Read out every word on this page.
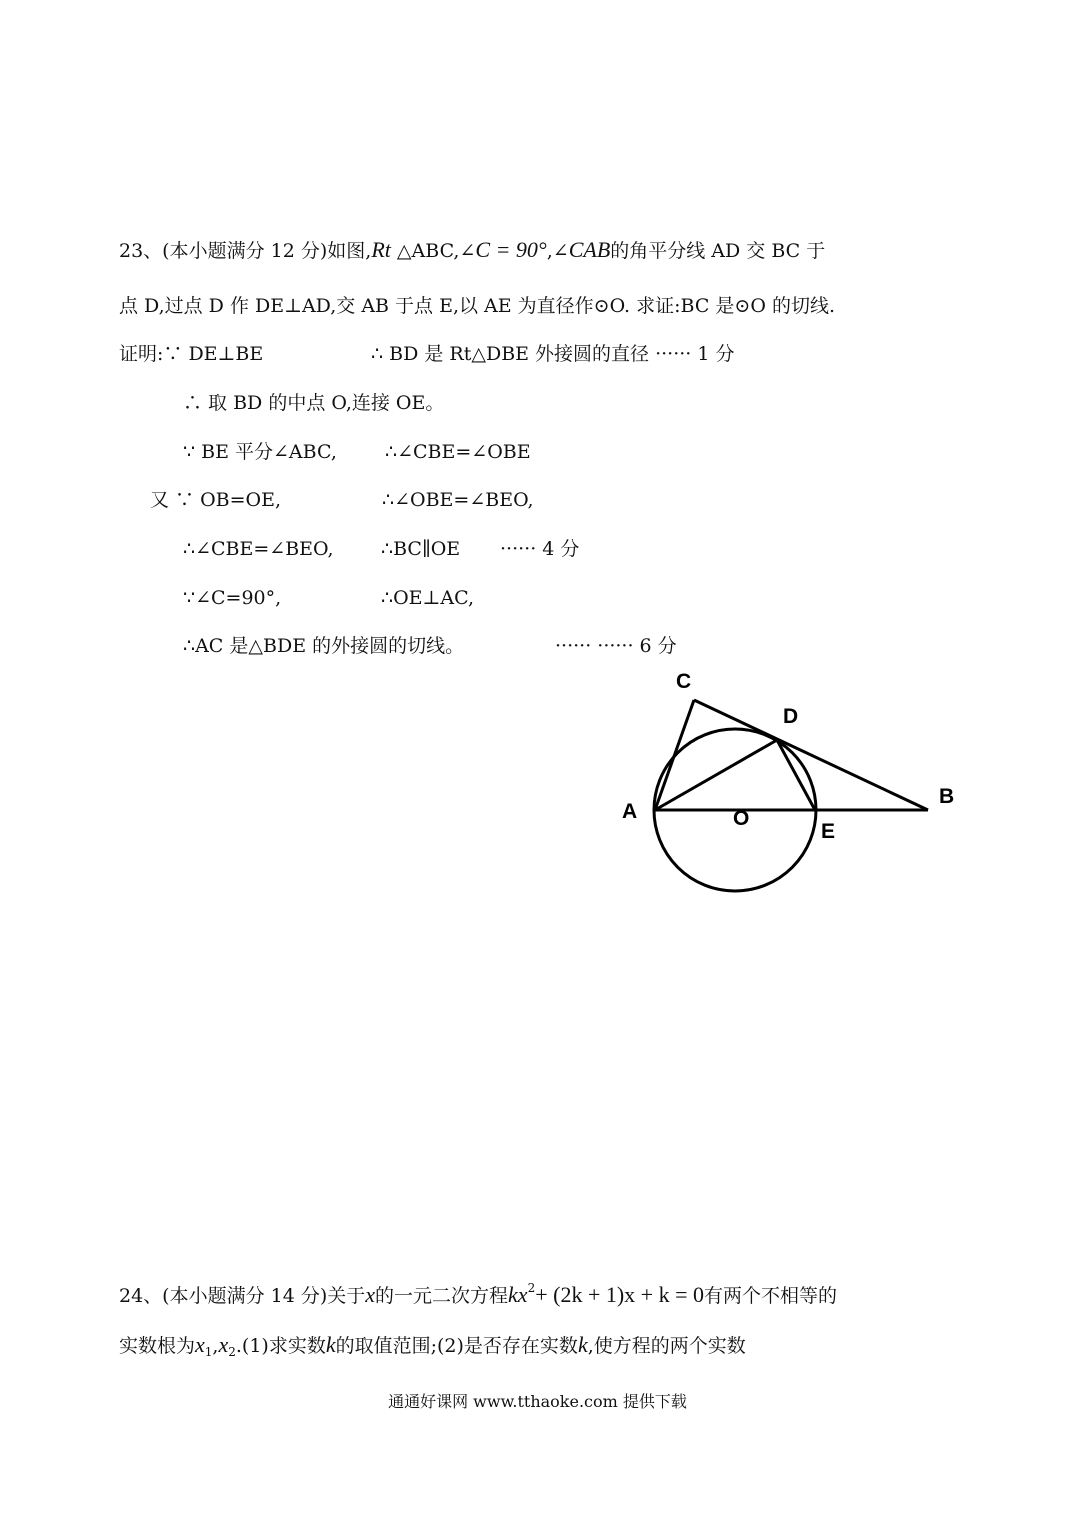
23、(本小题满分 12 分)如图,Rt △ABC,∠C = 90°,∠CAB的角平分线 AD 交 BC 于
点 D,过点 D 作 DE⊥AD,交 AB 于点 E,以 AE 为直径作⊙O. 求证:BC 是⊙O 的切线.
证明:∵ DE⊥BE	∴ BD 是 Rt△DBE 外接圆的直径 ······ 1 分
∴ 取 BD 的中点 O,连接 OE。
∵ BE 平分∠ABC,	∴∠CBE=∠OBE
又 ∵ OB=OE,	∴∠OBE=∠BEO,
∴∠CBE=∠BEO, ∴BC∥OE ······ 4 分
∵∠C=90°,	∴OE⊥AC,
∴AC 是△BDE 的外接圆的切线。	······ ······ 6 分
C
D
A
B
E
O
24、(本小题满分 14 分)关于x的一元二次方程$kx^2+ (2k + 1)x + k = 0$有两个不相等的
实数根为$x_1,x_2.(1)$求实数k的取值范围;(2)是否存在实数k,使方程的两个实数
通通好课网 www.tthaoke.com 提供下载
